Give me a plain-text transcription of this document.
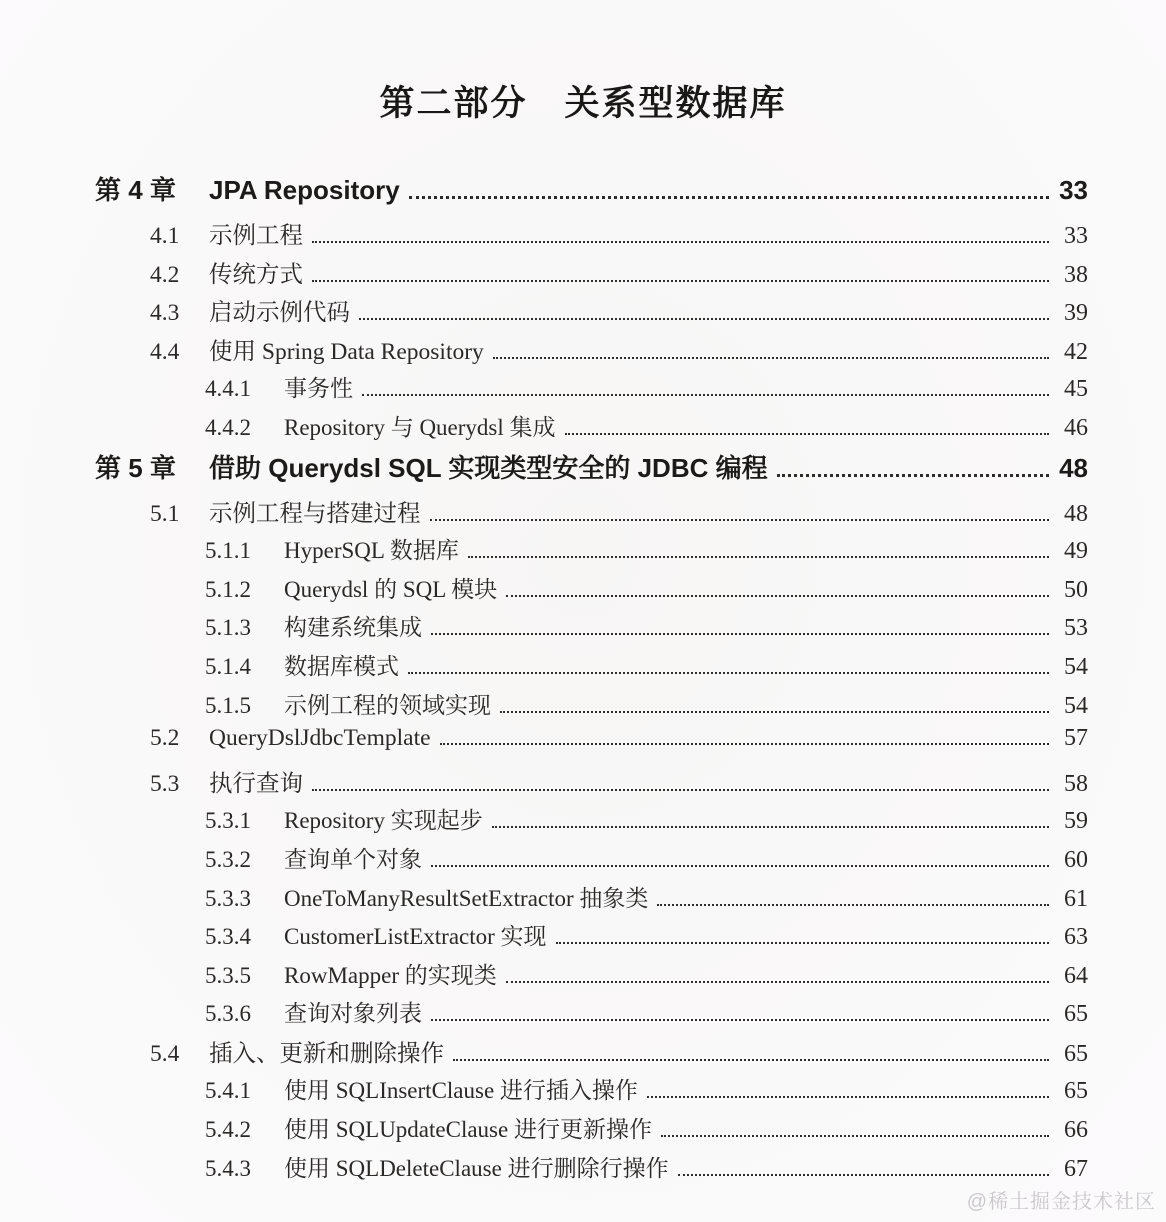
第二部分　关系型数据库
第 4 章	JPA Repository	33
4.1	示例工程	33
4.2	传统方式	38
4.3	启动示例代码	39
4.4	使用 Spring Data Repository	42
4.4.1	事务性	45
4.4.2	Repository 与 Querydsl 集成	46
第 5 章	借助 Querydsl SQL 实现类型安全的 JDBC 编程	48
5.1	示例工程与搭建过程	48
5.1.1	HyperSQL 数据库	49
5.1.2	Querydsl 的 SQL 模块	50
5.1.3	构建系统集成	53
5.1.4	数据库模式	54
5.1.5	示例工程的领域实现	54
5.2	QueryDslJdbcTemplate	57
5.3	执行查询	58
5.3.1	Repository 实现起步	59
5.3.2	查询单个对象	60
5.3.3	OneToManyResultSetExtractor 抽象类	61
5.3.4	CustomerListExtractor 实现	63
5.3.5	RowMapper 的实现类	64
5.3.6	查询对象列表	65
5.4	插入、更新和删除操作	65
5.4.1	使用 SQLInsertClause 进行插入操作	65
5.4.2	使用 SQLUpdateClause 进行更新操作	66
5.4.3	使用 SQLDeleteClause 进行删除行操作	67
@稀土掘金技术社区
